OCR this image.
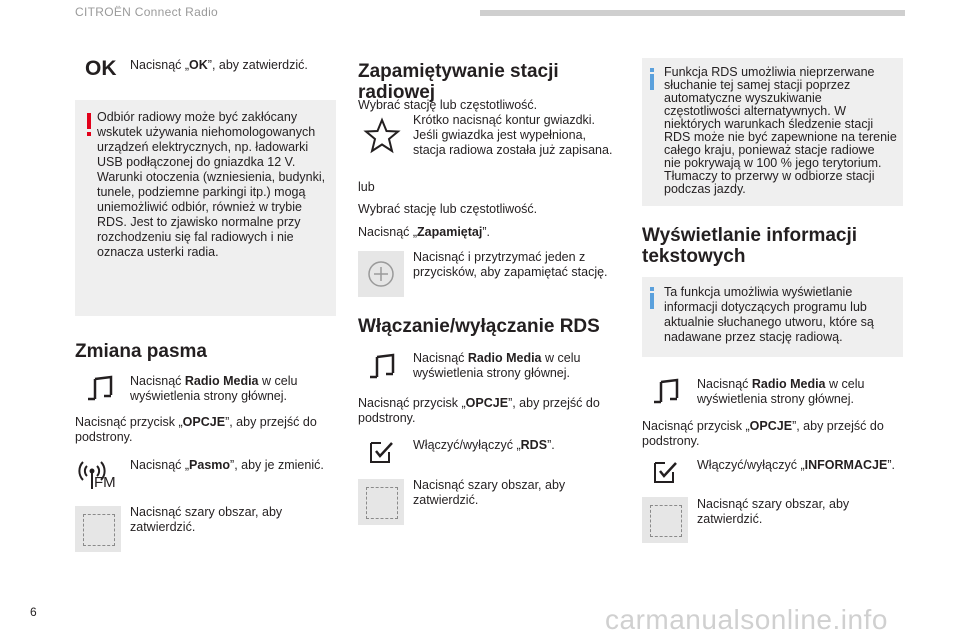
CITROËN Connect Radio
OK Nacisnąć „OK”, aby zatwierdzić.
Odbiór radiowy może być zakłócany
wskutek używania niehomologowanych
urządzeń elektrycznych, np. ładowarki
USB podłączonej do gniazdka 12 V.
Warunki otoczenia (wzniesienia, budynki,
tunele, podziemne parkingi itp.) mogą
uniemożliwić odbiór, również w trybie
RDS. Jest to zjawisko normalne przy
rozchodzeniu się fal radiowych i nie
oznacza usterki radia.
Zmiana pasma
Nacisnąć Radio Media w celu
wyświetlenia strony głównej.
Nacisnąć przycisk „OPCJE”, aby przejść do
podstrony.
FM
Nacisnąć „Pasmo”, aby je zmienić.
Nacisnąć szary obszar, aby
zatwierdzić.
Zapamiętywanie stacji
radiowej
Wybrać stację lub częstotliwość.
Krótko nacisnąć kontur gwiazdki.
Jeśli gwiazdka jest wypełniona,
stacja radiowa została już zapisana.
lub
Wybrać stację lub częstotliwość.
Nacisnąć „Zapamiętaj”.
Nacisnąć i przytrzymać jeden z
przycisków, aby zapamiętać stację.
Włączanie/wyłączanie RDS
Nacisnąć Radio Media w celu
wyświetlenia strony głównej.
Nacisnąć przycisk „OPCJE”, aby przejść do
podstrony.
Włączyć/wyłączyć „RDS”.
Nacisnąć szary obszar, aby
zatwierdzić.
Funkcja RDS umożliwia nieprzerwane
słuchanie tej samej stacji poprzez
automatyczne wyszukiwanie
częstotliwości alternatywnych. W
niektórych warunkach śledzenie stacji
RDS może nie być zapewnione na terenie
całego kraju, ponieważ stacje radiowe
nie pokrywają w 100 % jego terytorium.
Tłumaczy to przerwy w odbiorze stacji
podczas jazdy.
Wyświetlanie informacji
tekstowych
Ta funkcja umożliwia wyświetlanie
informacji dotyczących programu lub
aktualnie słuchanego utworu, które są
nadawane przez stację radiową.
Nacisnąć Radio Media w celu
wyświetlenia strony głównej.
Nacisnąć przycisk „OPCJE”, aby przejść do
podstrony.
Włączyć/wyłączyć „INFORMACJE”.
Nacisnąć szary obszar, aby
zatwierdzić.
6	carmanualsonline.info
